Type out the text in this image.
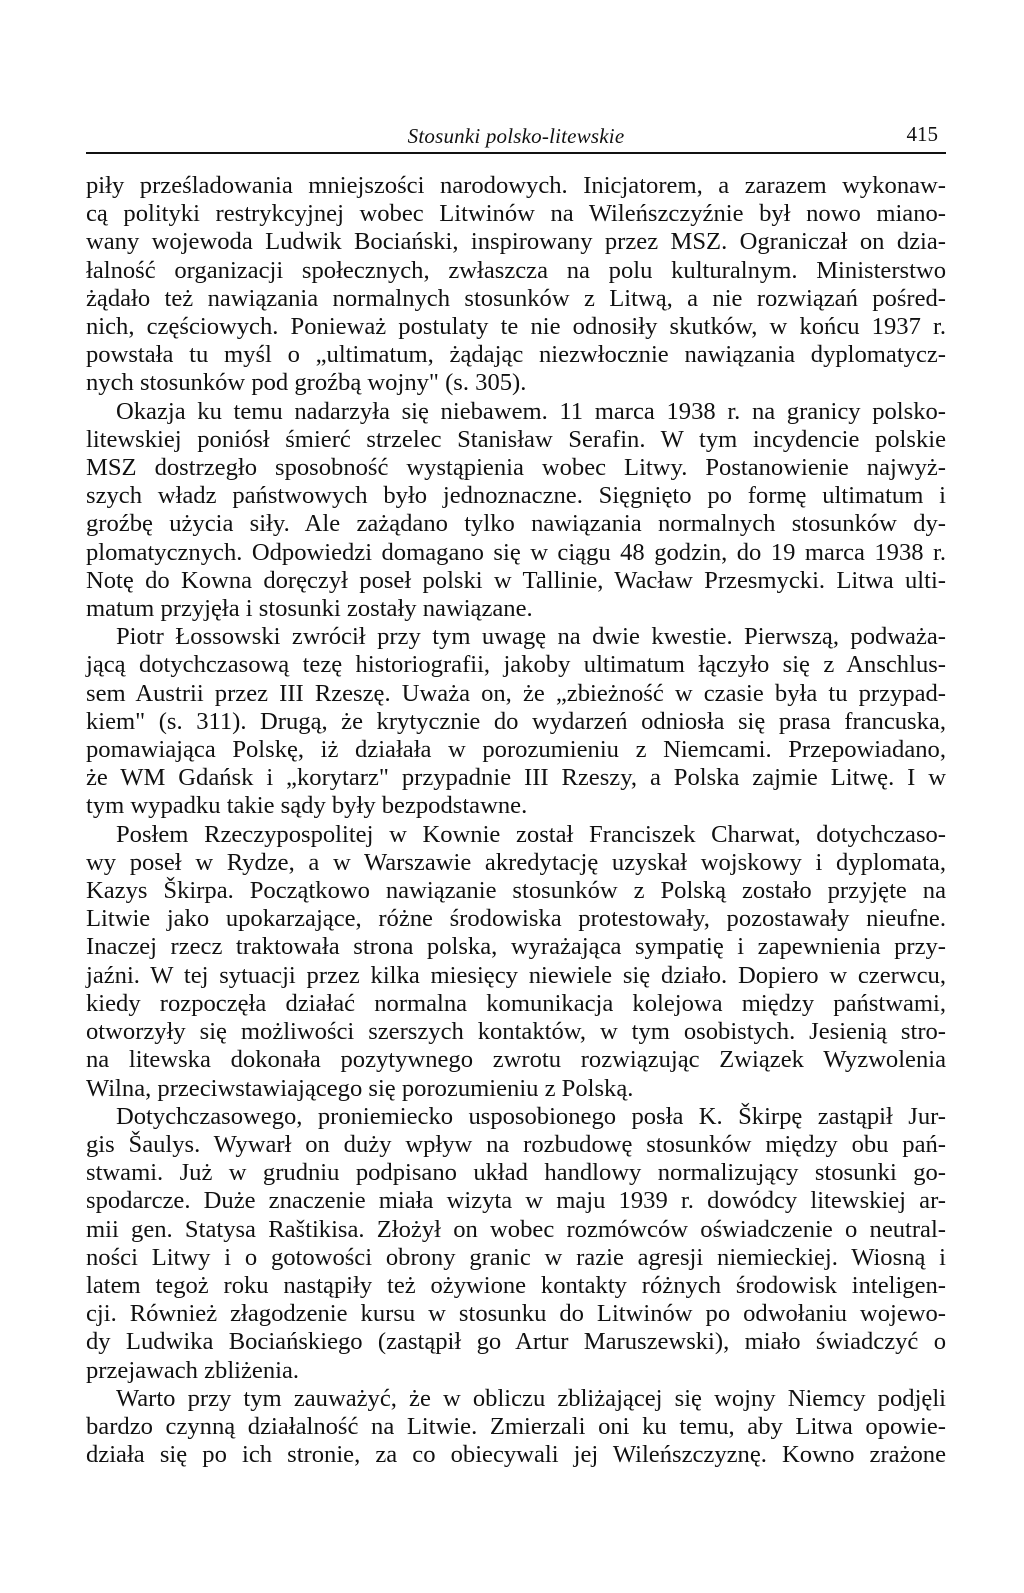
Stosunki polsko-litewskie	415
piły prześladowania mniejszości narodowych. Inicjatorem, a zarazem wykonaw-
cą polityki restrykcyjnej wobec Litwinów na Wileńszczyźnie był nowo miano-
wany wojewoda Ludwik Bociański, inspirowany przez MSZ. Ograniczał on dzia-
łalność organizacji społecznych, zwłaszcza na polu kulturalnym. Ministerstwo
żądało też nawiązania normalnych stosunków z Litwą, a nie rozwiązań pośred-
nich, częściowych. Ponieważ postulaty te nie odnosiły skutków, w końcu 1937 r.
powstała tu myśl o „ultimatum, żądając niezwłocznie nawiązania dyplomatycz-
nych stosunków pod groźbą wojny" (s. 305).
Okazja ku temu nadarzyła się niebawem. 11 marca 1938 r. na granicy polsko-
litewskiej poniósł śmierć strzelec Stanisław Serafin. W tym incydencie polskie
MSZ dostrzegło sposobność wystąpienia wobec Litwy. Postanowienie najwyż-
szych władz państwowych było jednoznaczne. Sięgnięto po formę ultimatum i
groźbę użycia siły. Ale zażądano tylko nawiązania normalnych stosunków dy-
plomatycznych. Odpowiedzi domagano się w ciągu 48 godzin, do 19 marca 1938 r.
Notę do Kowna doręczył poseł polski w Tallinie, Wacław Przesmycki. Litwa ulti-
matum przyjęła i stosunki zostały nawiązane.
Piotr Łossowski zwrócił przy tym uwagę na dwie kwestie. Pierwszą, podważa-
jącą dotychczasową tezę historiografii, jakoby ultimatum łączyło się z Anschlus-
sem Austrii przez III Rzeszę. Uważa on, że „zbieżność w czasie była tu przypad-
kiem" (s. 311). Drugą, że krytycznie do wydarzeń odniosła się prasa francuska,
pomawiająca Polskę, iż działała w porozumieniu z Niemcami. Przepowiadano,
że WM Gdańsk i „korytarz" przypadnie III Rzeszy, a Polska zajmie Litwę. I w
tym wypadku takie sądy były bezpodstawne.
Posłem Rzeczypospolitej w Kownie został Franciszek Charwat, dotychczaso-
wy poseł w Rydze, a w Warszawie akredytację uzyskał wojskowy i dyplomata,
Kazys Škirpa. Początkowo nawiązanie stosunków z Polską zostało przyjęte na
Litwie jako upokarzające, różne środowiska protestowały, pozostawały nieufne.
Inaczej rzecz traktowała strona polska, wyrażająca sympatię i zapewnienia przy-
jaźni. W tej sytuacji przez kilka miesięcy niewiele się działo. Dopiero w czerwcu,
kiedy rozpoczęła działać normalna komunikacja kolejowa między państwami,
otworzyły się możliwości szerszych kontaktów, w tym osobistych. Jesienią stro-
na litewska dokonała pozytywnego zwrotu rozwiązując Związek Wyzwolenia
Wilna, przeciwstawiającego się porozumieniu z Polską.
Dotychczasowego, proniemiecko usposobionego posła K. Škirpę zastąpił Jur-
gis Šaulys. Wywarł on duży wpływ na rozbudowę stosunków między obu pań-
stwami. Już w grudniu podpisano układ handlowy normalizujący stosunki go-
spodarcze. Duże znaczenie miała wizyta w maju 1939 r. dowódcy litewskiej ar-
mii gen. Statysa Raštikisa. Złożył on wobec rozmówców oświadczenie o neutral-
ności Litwy i o gotowości obrony granic w razie agresji niemieckiej. Wiosną i
latem tegoż roku nastąpiły też ożywione kontakty różnych środowisk inteligen-
cji. Również złagodzenie kursu w stosunku do Litwinów po odwołaniu wojewo-
dy Ludwika Bociańskiego (zastąpił go Artur Maruszewski), miało świadczyć o
przejawach zbliżenia.
Warto przy tym zauważyć, że w obliczu zbliżającej się wojny Niemcy podjęli
bardzo czynną działalność na Litwie. Zmierzali oni ku temu, aby Litwa opowie-
działa się po ich stronie, za co obiecywali jej Wileńszczyznę. Kowno zrażone
